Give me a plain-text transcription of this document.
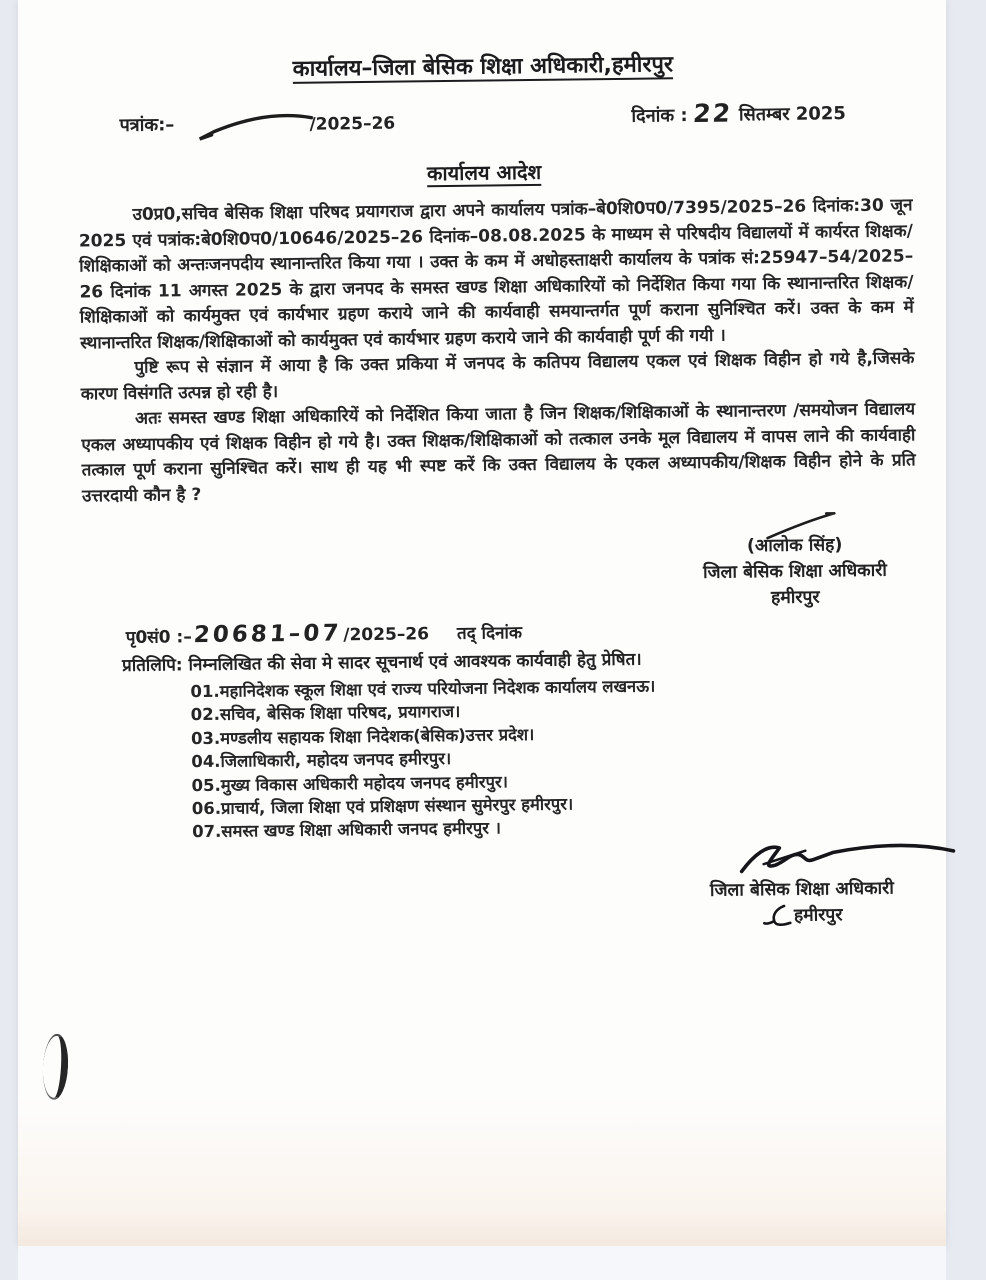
कार्यालय–जिला बेसिक शिक्षा अधिकारी,हमीरपुर
पत्रांक:–	/2025–26	दिनांक : 22 सितम्बर 2025
कार्यालय आदेश

उ0प्र0,सचिव बेसिक शिक्षा परिषद प्रयागराज द्वारा अपने कार्यालय पत्रांक–बे0शि0प0/7395/2025–26 दिनांक:30 जून 2025 एवं पत्रांक:बे0शि0प0/10646/2025–26 दिनांक–08.08.2025 के माध्यम से परिषदीय विद्यालयों में कार्यरत शिक्षक/शिक्षिकाओं को अन्तःजनपदीय स्थानान्तरित किया गया । उक्त के कम में अधोहस्ताक्षरी कार्यालय के पत्रांक सं:25947–54/2025–26 दिनांक 11 अगस्त 2025 के द्वारा जनपद के समस्त खण्ड शिक्षा अधिकारियों को निर्देशित किया गया कि स्थानान्तरित शिक्षक/शिक्षिकाओं को कार्यमुक्त एवं कार्यभार ग्रहण कराये जाने की कार्यवाही समयान्तर्गत पूर्ण कराना सुनिश्चित करें। उक्त के कम में स्थानान्तरित शिक्षक/शिक्षिकाओं को कार्यमुक्त एवं कार्यभार ग्रहण कराये जाने की कार्यवाही पूर्ण की गयी ।

पुष्टि रूप से संज्ञान में आया है कि उक्त प्रकिया में जनपद के कतिपय विद्यालय एकल एवं शिक्षक विहीन हो गये है,जिसके कारण विसंगति उत्पन्न हो रही है।

अतः समस्त खण्ड शिक्षा अधिकारियें को निर्देशित किया जाता है जिन शिक्षक/शिक्षिकाओं के स्थानान्तरण /समयोजन विद्यालय एकल अध्यापकीय एवं शिक्षक विहीन हो गये है। उक्त शिक्षक/शिक्षिकाओं को तत्काल उनके मूल विद्यालय में वापस लाने की कार्यवाही तत्काल पूर्ण कराना सुनिश्चित करें। साथ ही यह भी स्पष्ट करें कि उक्त विद्यालय के एकल अध्यापकीय/शिक्षक विहीन होने के प्रति उत्तरदायी कौन है ?

(आलोक सिंह)
जिला बेसिक शिक्षा अधिकारी
हमीरपुर
पृ0सं0 :–20681–07/2025–26 तद् दिनांक
प्रतिलिपि: निम्नलिखित की सेवा मे सादर सूचनार्थ एवं आवश्यक कार्यवाही हेतु प्रेषित।
01.महानिदेशक स्कूल शिक्षा एवं राज्य परियोजना निदेशक कार्यालय लखनऊ।
02.सचिव, बेसिक शिक्षा परिषद, प्रयागराज।
03.मण्डलीय सहायक शिक्षा निदेशक(बेसिक)उत्तर प्रदेश।
04.जिलाधिकारी, महोदय जनपद हमीरपुर।
05.मुख्य विकास अधिकारी महोदय जनपद हमीरपुर।
06.प्राचार्य, जिला शिक्षा एवं प्रशिक्षण संस्थान सुमेरपुर हमीरपुर।
07.समस्त खण्ड शिक्षा अधिकारी जनपद हमीरपुर ।
जिला बेसिक शिक्षा अधिकारी
हमीरपुर
